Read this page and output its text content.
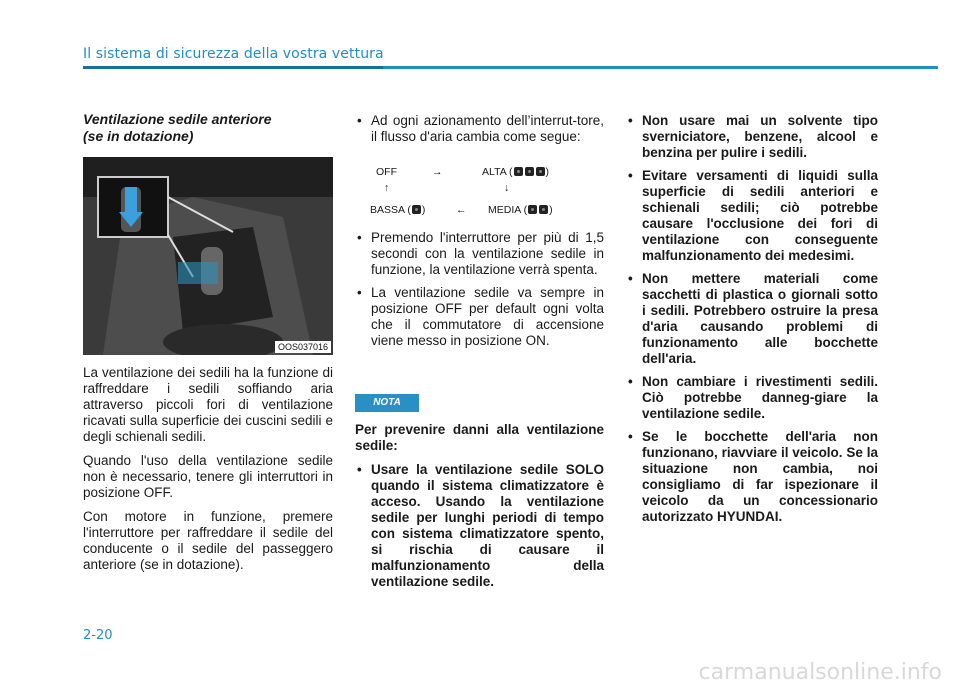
Il sistema di sicurezza della vostra vettura
Ventilazione sedile anteriore
(se in dotazione)
OOS037016

La ventilazione dei sedili ha la funzione di raffreddare i sedili soffiando aria attraverso piccoli fori di ventilazione ricavati sulla superficie dei cuscini sedili e degli schienali sedili.

Quando l'uso della ventilazione sedile non è necessario, tenere gli interruttori in posizione OFF.

Con motore in funzione, premere l'interruttore per raffreddare il sedile del conducente o il sedile del passeggero anteriore (se in dotazione).

• Ad ogni azionamento dell’interrut-tore, il flusso d'aria cambia come segue:
OFF	→	ALTA (	)
↑	↓
BASSA ( )	← MEDIA ( )
• Premendo l'interruttore per più di 1,5 secondi con la ventilazione sedile in funzione, la ventilazione verrà spenta.
• La ventilazione sedile va sempre in posizione OFF per default ogni volta che il commutatore di accensione viene messo in posizione ON.
NOTA

Per prevenire danni alla ventilazione sedile:

• Usare la ventilazione sedile SOLO quando il sistema climatizzatore è acceso. Usando la ventilazione sedile per lunghi periodi di tempo con sistema climatizzatore spento, si rischia di causare il malfunzionamento della ventilazione sedile.
• Non usare mai un solvente tipo sverniciatore, benzene, alcool e benzina per pulire i sedili.
• Evitare versamenti di liquidi sulla superficie di sedili anteriori e schienali sedili; ciò potrebbe causare l'occlusione dei fori di ventilazione con conseguente malfunzionamento dei medesimi.
• Non mettere materiali come sacchetti di plastica o giornali sotto i sedili. Potrebbero ostruire la presa d'aria causando problemi di funzionamento alle bocchette dell'aria.
• Non cambiare i rivestimenti sedili. Ciò potrebbe danneg-giare la ventilazione sedile.
• Se le bocchette dell'aria non funzionano, riavviare il veicolo. Se la situazione non cambia, noi consigliamo di far ispezionare il veicolo da un concessionario autorizzato HYUNDAI.
2-20
carmanualsonline.info
